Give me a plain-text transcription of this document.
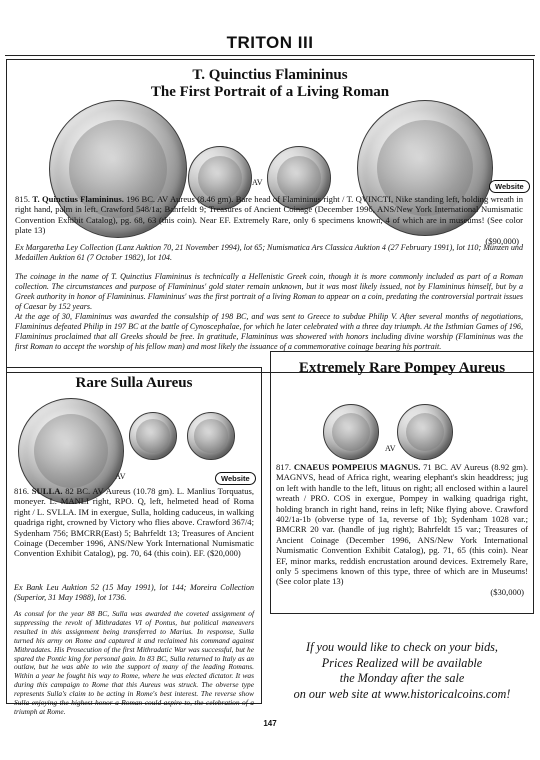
TRITON III
T. Quinctius Flamininus
The First Portrait of a Living Roman
AV	Website
815. T. Quinctius Flamininus. 196 BC. AV Aureus (8.46 gm). Bare head of Flamininus right / T. QVINCTI, Nike standing left, holding wreath in right hand, palm in left. Crawford 548/1a; Bahrfeldt 9; Treasures of Ancient Coinage (December 1996, ANS/New York International Numismatic Convention Exhibit Catalog), pg. 68, 63 (this coin). Near EF. Extremely Rare, only 6 specimens known, 4 of which are in museums! (See color plate 13)
($90,000)
Ex Margaretha Ley Collection (Lanz Auktion 70, 21 November 1994), lot 65; Numismatica Ars Classica Auktion 4 (27 February 1991), lot 110; Münzen und Medaillen Auktion 61 (7 October 1982), lot 104.
The coinage in the name of T. Quinctius Flamininus is technically a Hellenistic Greek coin, though it is more commonly included as part of a Roman collection. The circumstances and purpose of Flamininus' gold stater remain unknown, but it was most likely issued, not by Flamininus himself, but by a Greek authority in honor of Flamininus. Flamininus' was the first portrait of a living Roman to appear on a coin, predating the controversial portrait issues of Caesar by 152 years.
At the age of 30, Flamininus was awarded the consulship of 198 BC, and was sent to Greece to subdue Philip V. After several months of negotiations, Flamininus defeated Philip in 197 BC at the battle of Cynoscephalae, for which he later celebrated with a three day triumph. At the Isthmian Games of 196, Flamininus proclaimed that all Greeks should be free. In gratitude, Flamininus was showered with honors including divine worship (Flamininus was the first Roman to accept the worship of his fellow man) and most likely the issuance of a commemorative coinage bearing his portrait.
Rare Sulla Aureus
AV	Website
816. SULLA. 82 BC. AV Aureus (10.78 gm). L. Manlius Torquatus, moneyer. L. MANLI right, RPO. Q, left, helmeted head of Roma right / L. SVLLA. IM in exergue, Sulla, holding caduceus, in walking quadriga right, crowned by Victory who flies above. Crawford 367/4; Sydenham 756; BMCRR(East) 5; Bahrfeldt 13; Treasures of Ancient Coinage (December 1996, ANS/New York International Numismatic Convention Exhibit Catalog), pg. 70, 64 (this coin). EF. ($20,000)
Ex Bank Leu Auktion 52 (15 May 1991), lot 144; Moreira Collection (Superior, 31 May 1988), lot 1736.
As consul for the year 88 BC, Sulla was awarded the coveted assignment of suppressing the revolt of Mithradates VI of Pontus, but political maneuvers resulted in this assignment being transferred to Marius. In response, Sulla turned his army on Rome and captured it and reclaimed his command against Mithradates. His Prosecution of the first Mithradatic War was successful, but he spared the Pontic king for personal gain. In 83 BC, Sulla returned to Italy as an outlaw, but he was able to win the support of many of the leading Romans. Within a year he fought his way to Rome, where he was elected dictator. It was during this campaign to Rome that this Aureus was struck. The obverse type represents Sulla's claim to be acting in Rome's best interest. The reverse show Sulla enjoying the highest honor a Roman could aspire to, the celebration of a triumph at Rome.
Extremely Rare Pompey Aureus
AV
817. CNAEUS POMPEIUS MAGNUS. 71 BC. AV Aureus (8.92 gm). MAGNVS, head of Africa right, wearing elephant's skin headdress; jug on left with handle to the left, lituus on right; all enclosed within a laurel wreath / PRO. COS in exergue, Pompey in walking quadriga right, holding branch in right hand, reins in left; Nike flying above. Crawford 402/1a-1b (obverse type of 1a, reverse of 1b); Sydenham 1028 var.; BMCRR 20 var. (handle of jug right); Bahrfeldt 15 var.; Treasures of Ancient Coinage (December 1996, ANS/New York International Numismatic Convention Exhibit Catalog), pg. 71, 65 (this coin). Near EF, minor marks, reddish encrustation around devices. Extremely Rare, only 5 specimens known of this type, three of which are in Museums! (See color plate 13)
($30,000)
If you would like to check on your bids,
Prices Realized will be available
the Monday after the sale
on our web site at www.historicalcoins.com!
147
